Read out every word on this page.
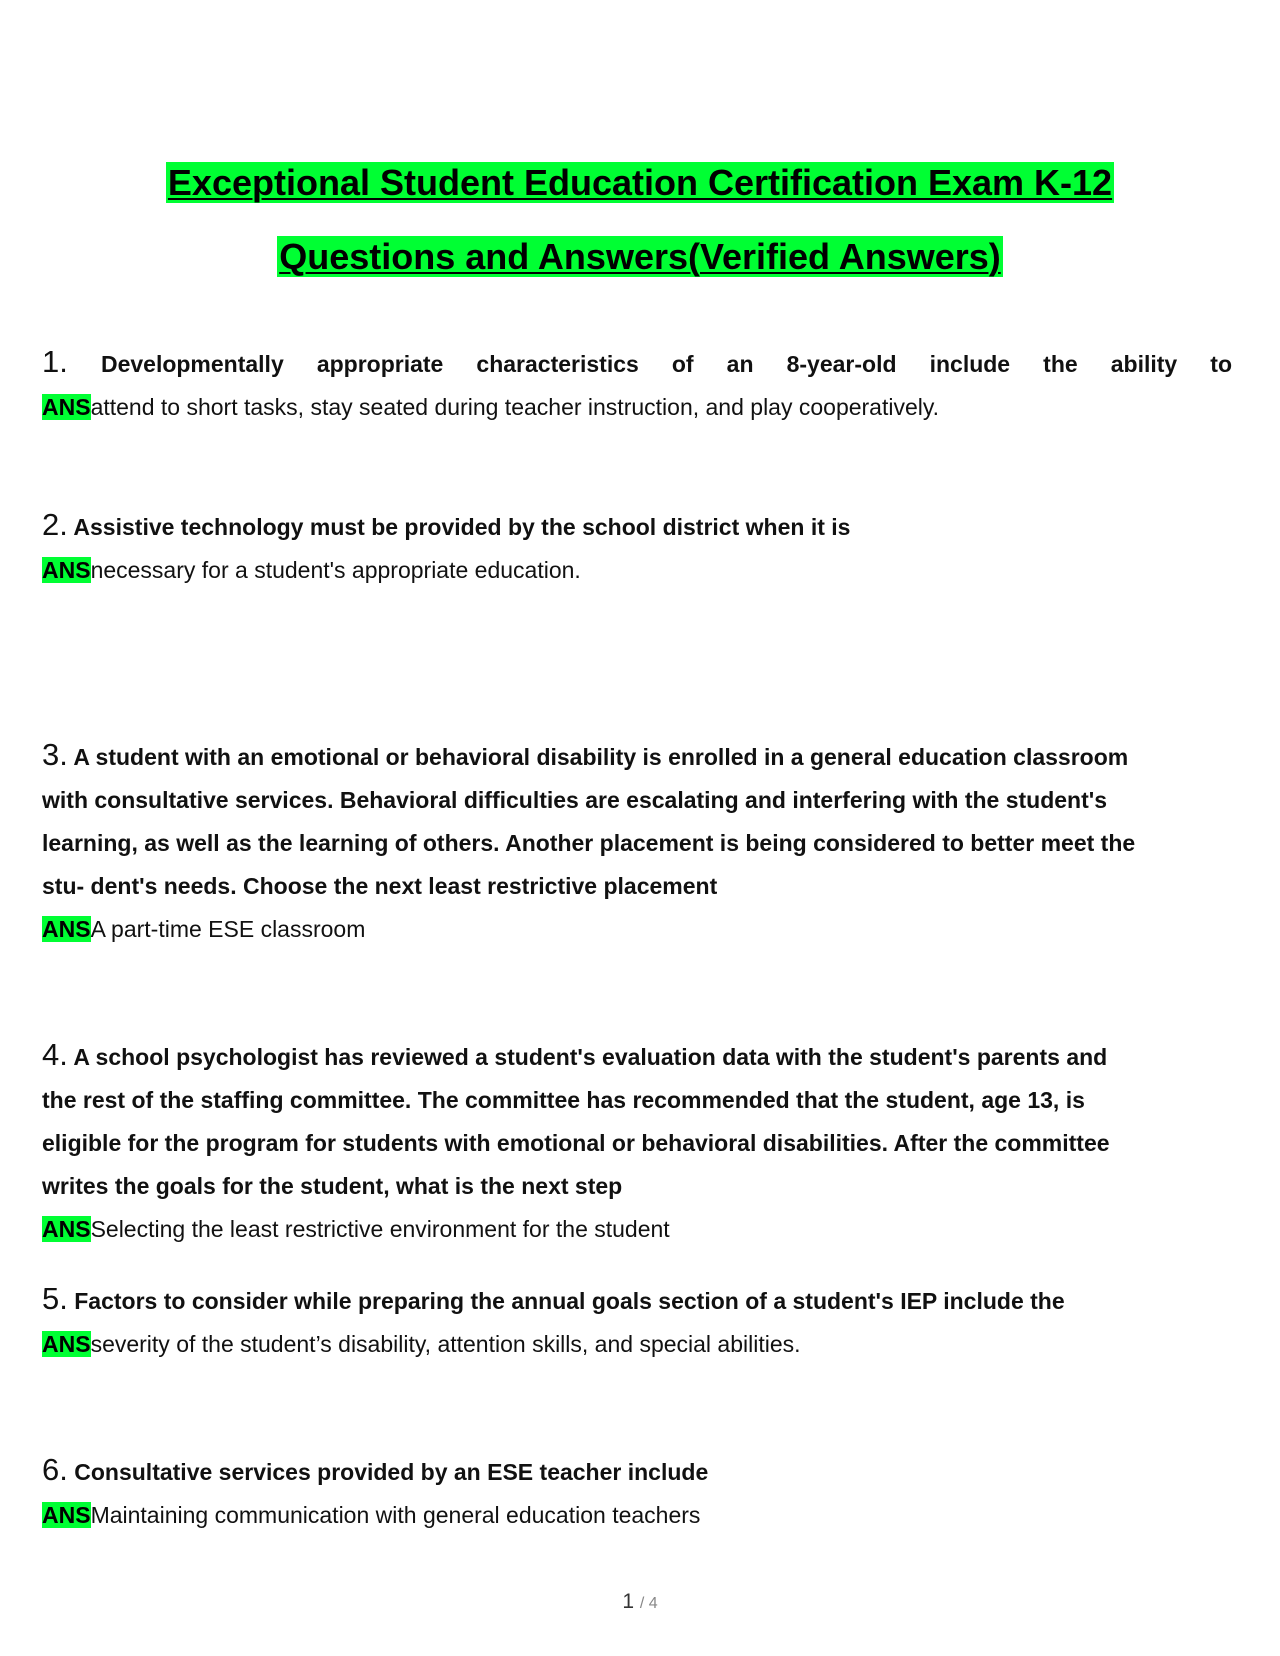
Exceptional Student Education Certification Exam K-12
Questions and Answers(Verified Answers)
1. Developmentally appropriate characteristics of an 8-year-old include the ability to
ANSattend to short tasks, stay seated during teacher instruction, and play cooperatively.
2. Assistive technology must be provided by the school district when it is
ANSnecessary for a student's appropriate education.
3. A student with an emotional or behavioral disability is enrolled in a general education classroom
with consultative services. Behavioral difficulties are escalating and interfering with the student's
learning, as well as the learning of others. Another placement is being considered to better meet the
stu- dent's needs. Choose the next least restrictive placement
ANSA part-time ESE classroom
4. A school psychologist has reviewed a student's evaluation data with the student's parents and
the rest of the staffing committee. The committee has recommended that the student, age 13, is
eligible for the program for students with emotional or behavioral disabilities. After the committee
writes the goals for the student, what is the next step
ANSSelecting the least restrictive environment for the student
5. Factors to consider while preparing the annual goals section of a student's IEP include the
ANSseverity of the student’s disability, attention skills, and special abilities.
6. Consultative services provided by an ESE teacher include
ANSMaintaining communication with general education teachers
1 / 4
